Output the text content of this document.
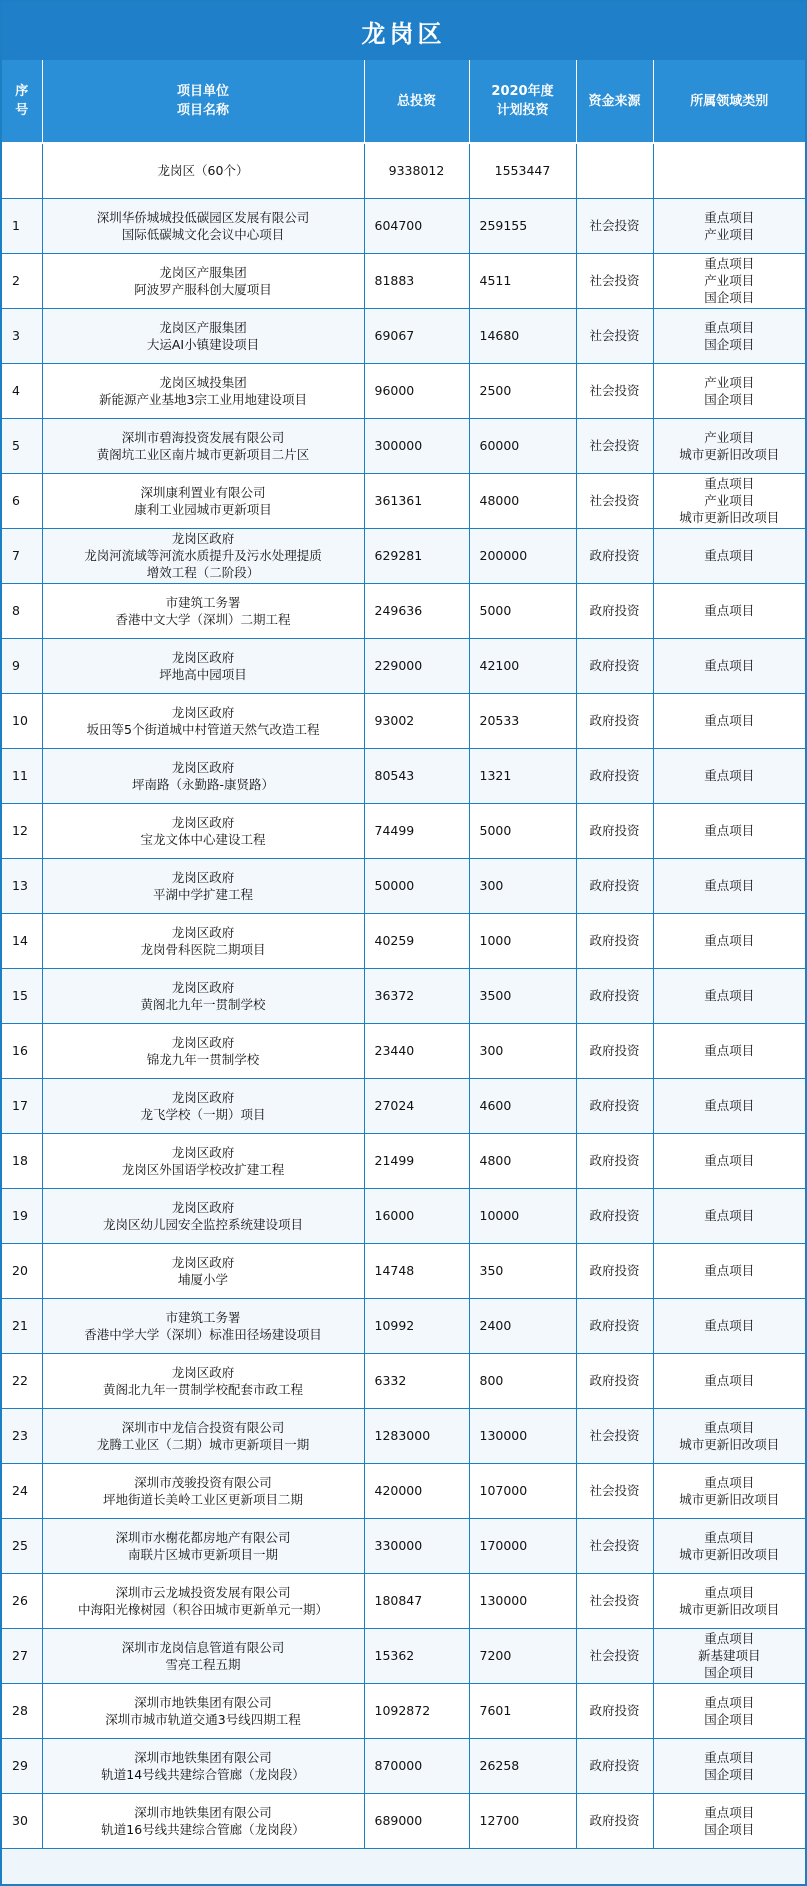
龙岗区
序
号	项目单位
项目名称	总投资	2020年度
计划投资	资金来源	所属领域类别
	龙岗区（60个）	9338012	1553447		
1	深圳华侨城城投低碳园区发展有限公司
国际低碳城文化会议中心项目	604700	259155	社会投资	重点项目
产业项目

2	龙岗区产服集团
阿波罗产服科创大厦项目	81883	4511	社会投资	重点项目
产业项目
国企项目

3	龙岗区产服集团
大运AI小镇建设项目	69067	14680	社会投资	重点项目
国企项目

4	龙岗区城投集团
新能源产业基地3宗工业用地建设项目	96000	2500	社会投资	产业项目
国企项目

5	深圳市碧海投资发展有限公司
黄阁坑工业区南片城市更新项目二片区	300000	60000	社会投资	产业项目
城市更新旧改项目

6	深圳康利置业有限公司
康利工业园城市更新项目	361361	48000	社会投资	重点项目
产业项目
城市更新旧改项目

7	龙岗区政府
龙岗河流域等河流水质提升及污水处理提质
增效工程（二阶段）	629281	200000	政府投资	重点项目

8	市建筑工务署
香港中文大学（深圳）二期工程	249636	5000	政府投资	重点项目

9	龙岗区政府
坪地高中园项目	229000	42100	政府投资	重点项目

10	龙岗区政府
坂田等5个街道城中村管道天然气改造工程	93002	20533	政府投资	重点项目

11	龙岗区政府
坪南路（永勤路-康贤路）	80543	1321	政府投资	重点项目

12	龙岗区政府
宝龙文体中心建设工程	74499	5000	政府投资	重点项目

13	龙岗区政府
平湖中学扩建工程	50000	300	政府投资	重点项目

14	龙岗区政府
龙岗骨科医院二期项目	40259	1000	政府投资	重点项目

15	龙岗区政府
黄阁北九年一贯制学校	36372	3500	政府投资	重点项目

16	龙岗区政府
锦龙九年一贯制学校	23440	300	政府投资	重点项目

17	龙岗区政府
龙飞学校（一期）项目	27024	4600	政府投资	重点项目

18	龙岗区政府
龙岗区外国语学校改扩建工程	21499	4800	政府投资	重点项目

19	龙岗区政府
龙岗区幼儿园安全监控系统建设项目	16000	10000	政府投资	重点项目

20	龙岗区政府
埔厦小学	14748	350	政府投资	重点项目

21	市建筑工务署
香港中学大学（深圳）标准田径场建设项目	10992	2400	政府投资	重点项目

22	龙岗区政府
黄阁北九年一贯制学校配套市政工程	6332	800	政府投资	重点项目

23	深圳市中龙信合投资有限公司
龙腾工业区（二期）城市更新项目一期	1283000	130000	社会投资	重点项目
城市更新旧改项目

24	深圳市茂骏投资有限公司
坪地街道长美岭工业区更新项目二期	420000	107000	社会投资	重点项目
城市更新旧改项目

25	深圳市水榭花都房地产有限公司
南联片区城市更新项目一期	330000	170000	社会投资	重点项目
城市更新旧改项目

26	深圳市云龙城投资发展有限公司
中海阳光橡树园（积谷田城市更新单元一期）	180847	130000	社会投资	重点项目
城市更新旧改项目

27	深圳市龙岗信息管道有限公司
雪亮工程五期	15362	7200	社会投资	重点项目
新基建项目
国企项目

28	深圳市地铁集团有限公司
深圳市城市轨道交通3号线四期工程	1092872	7601	政府投资	重点项目
国企项目

29	深圳市地铁集团有限公司
轨道14号线共建综合管廊（龙岗段）	870000	26258	政府投资	重点项目
国企项目

30	深圳市地铁集团有限公司
轨道16号线共建综合管廊（龙岗段）	689000	12700	政府投资	重点项目
国企项目
